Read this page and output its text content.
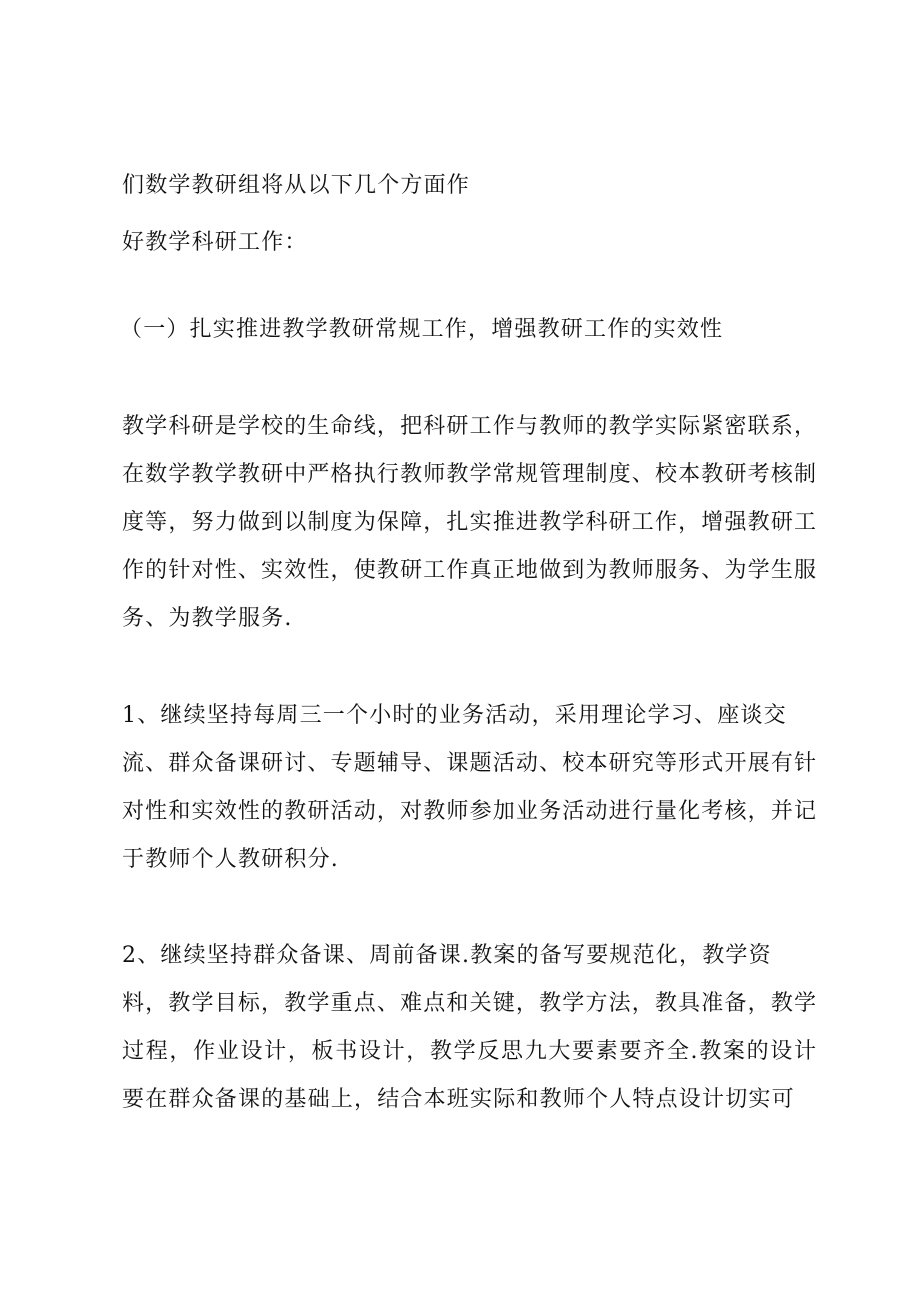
们数学教研组将从以下几个方面作
好教学科研工作：
（一）扎实推进教学教研常规工作，增强教研工作的实效性
教学科研是学校的生命线，把科研工作与教师的教学实际紧密联系，
在数学教学教研中严格执行教师教学常规管理制度、校本教研考核制
度等，努力做到以制度为保障，扎实推进教学科研工作，增强教研工
作的针对性、实效性，使教研工作真正地做到为教师服务、为学生服
务、为教学服务.
1、继续坚持每周三一个小时的业务活动，采用理论学习、座谈交
流、群众备课研讨、专题辅导、课题活动、校本研究等形式开展有针
对性和实效性的教研活动，对教师参加业务活动进行量化考核，并记
于教师个人教研积分.
2、继续坚持群众备课、周前备课.教案的备写要规范化，教学资
料，教学目标，教学重点、难点和关键，教学方法，教具准备，教学
过程，作业设计，板书设计，教学反思九大要素要齐全.教案的设计
要在群众备课的基础上，结合本班实际和教师个人特点设计切实可
